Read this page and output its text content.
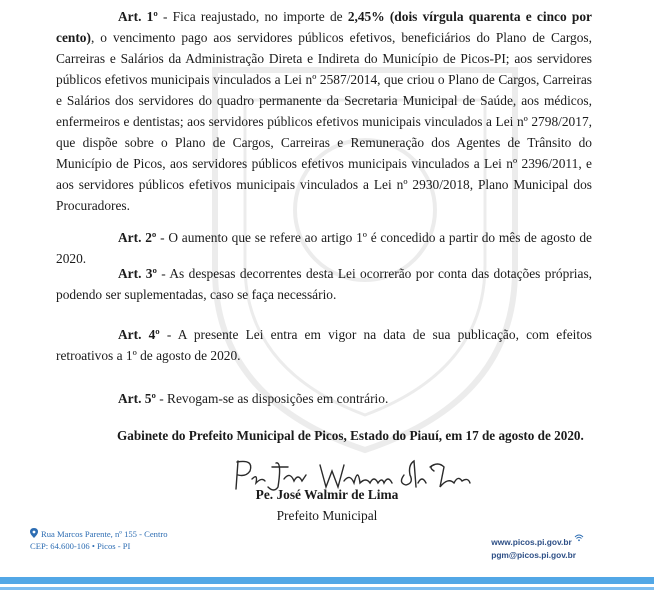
Art. 1º - Fica reajustado, no importe de 2,45% (dois vírgula quarenta e cinco por cento), o vencimento pago aos servidores públicos efetivos, beneficiários do Plano de Cargos, Carreiras e Salários da Administração Direta e Indireta do Município de Picos-PI; aos servidores públicos efetivos municipais vinculados a Lei nº 2587/2014, que criou o Plano de Cargos, Carreiras e Salários dos servidores do quadro permanente da Secretaria Municipal de Saúde, aos médicos, enfermeiros e dentistas; aos servidores públicos efetivos municipais vinculados a Lei nº 2798/2017, que dispõe sobre o Plano de Cargos, Carreiras e Remuneração dos Agentes de Trânsito do Município de Picos, aos servidores públicos efetivos municipais vinculados a Lei nº 2396/2011, e aos servidores públicos efetivos municipais vinculados a Lei nº 2930/2018, Plano Municipal dos Procuradores.

Art. 2º - O aumento que se refere ao artigo 1º é concedido a partir do mês de agosto de 2020.

Art. 3º - As despesas decorrentes desta Lei ocorrerão por conta das dotações próprias, podendo ser suplementadas, caso se faça necessário.

Art. 4º - A presente Lei entra em vigor na data de sua publicação, com efeitos retroativos a 1º de agosto de 2020.

Art. 5º - Revogam-se as disposições em contrário.

Gabinete do Prefeito Municipal de Picos, Estado do Piauí, em 17 de agosto de 2020.
Pe. José Walmir de Lima
Prefeito Municipal
Rua Marcos Parente, nº 155 - Centro
CEP: 64.600-106 • Picos - PI	www.picos.pi.gov.br
pgm@picos.pi.gov.br
